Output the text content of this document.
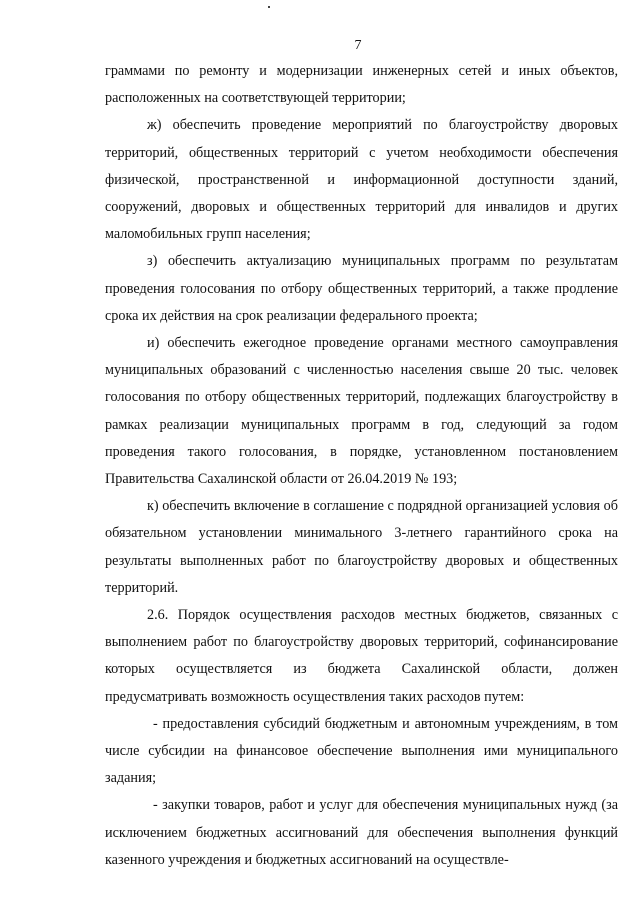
7

граммами по ремонту и модернизации инженерных сетей и иных объектов, расположенных на соответствующей территории;

ж) обеспечить проведение мероприятий по благоустройству дворовых территорий, общественных территорий с учетом необходимости обеспечения физической, пространственной и информационной доступности зданий, сооружений, дворовых и общественных территорий для инвалидов и других маломобильных групп населения;

з) обеспечить актуализацию муниципальных программ по результатам проведения голосования по отбору общественных территорий, а также продление срока их действия на срок реализации федерального проекта;

и) обеспечить ежегодное проведение органами местного самоуправления муниципальных образований с численностью населения свыше 20 тыс. человек голосования по отбору общественных территорий, подлежащих благоустройству в рамках реализации муниципальных программ в год, следующий за годом проведения такого голосования, в порядке, установленном постановлением Правительства Сахалинской области от 26.04.2019 № 193;

к) обеспечить включение в соглашение с подрядной организацией условия об обязательном установлении минимального 3-летнего гарантийного срока на результаты выполненных работ по благоустройству дворовых и общественных территорий.

2.6. Порядок осуществления расходов местных бюджетов, связанных с выполнением работ по благоустройству дворовых территорий, софинансирование которых осуществляется из бюджета Сахалинской области, должен предусматривать возможность осуществления таких расходов путем:

- предоставления субсидий бюджетным и автономным учреждениям, в том числе субсидии на финансовое обеспечение выполнения ими муниципального задания;

- закупки товаров, работ и услуг для обеспечения муниципальных нужд (за исключением бюджетных ассигнований для обеспечения выполнения функций казенного учреждения и бюджетных ассигнований на осуществле-
